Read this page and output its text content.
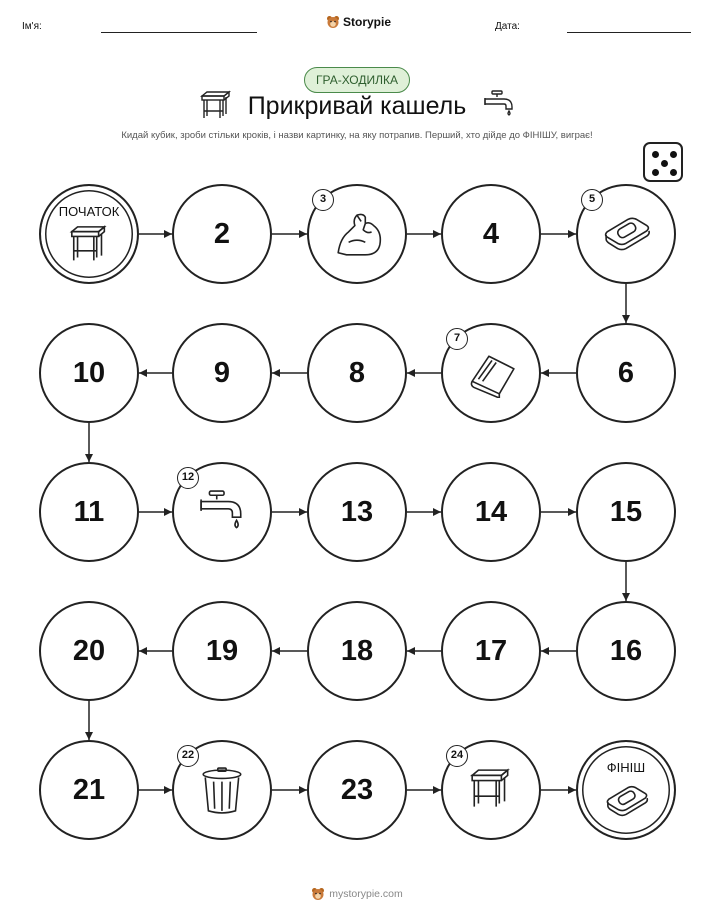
Ім'я:	Storypie	Дата:
ГРА-ХОДИЛКА
Прикривай кашель
Кидай кубик, зроби стільки кроків, і назви картинку, на яку потрапив. Перший, хто дійде до ФІНІШУ, виграє!
ПОЧАТОК
2
3
4
5
6
7
8
9
10
11
12
13	14	15
16
17
18
19
20
21
22
23
24
ФІНІШ
mystorypie.com
